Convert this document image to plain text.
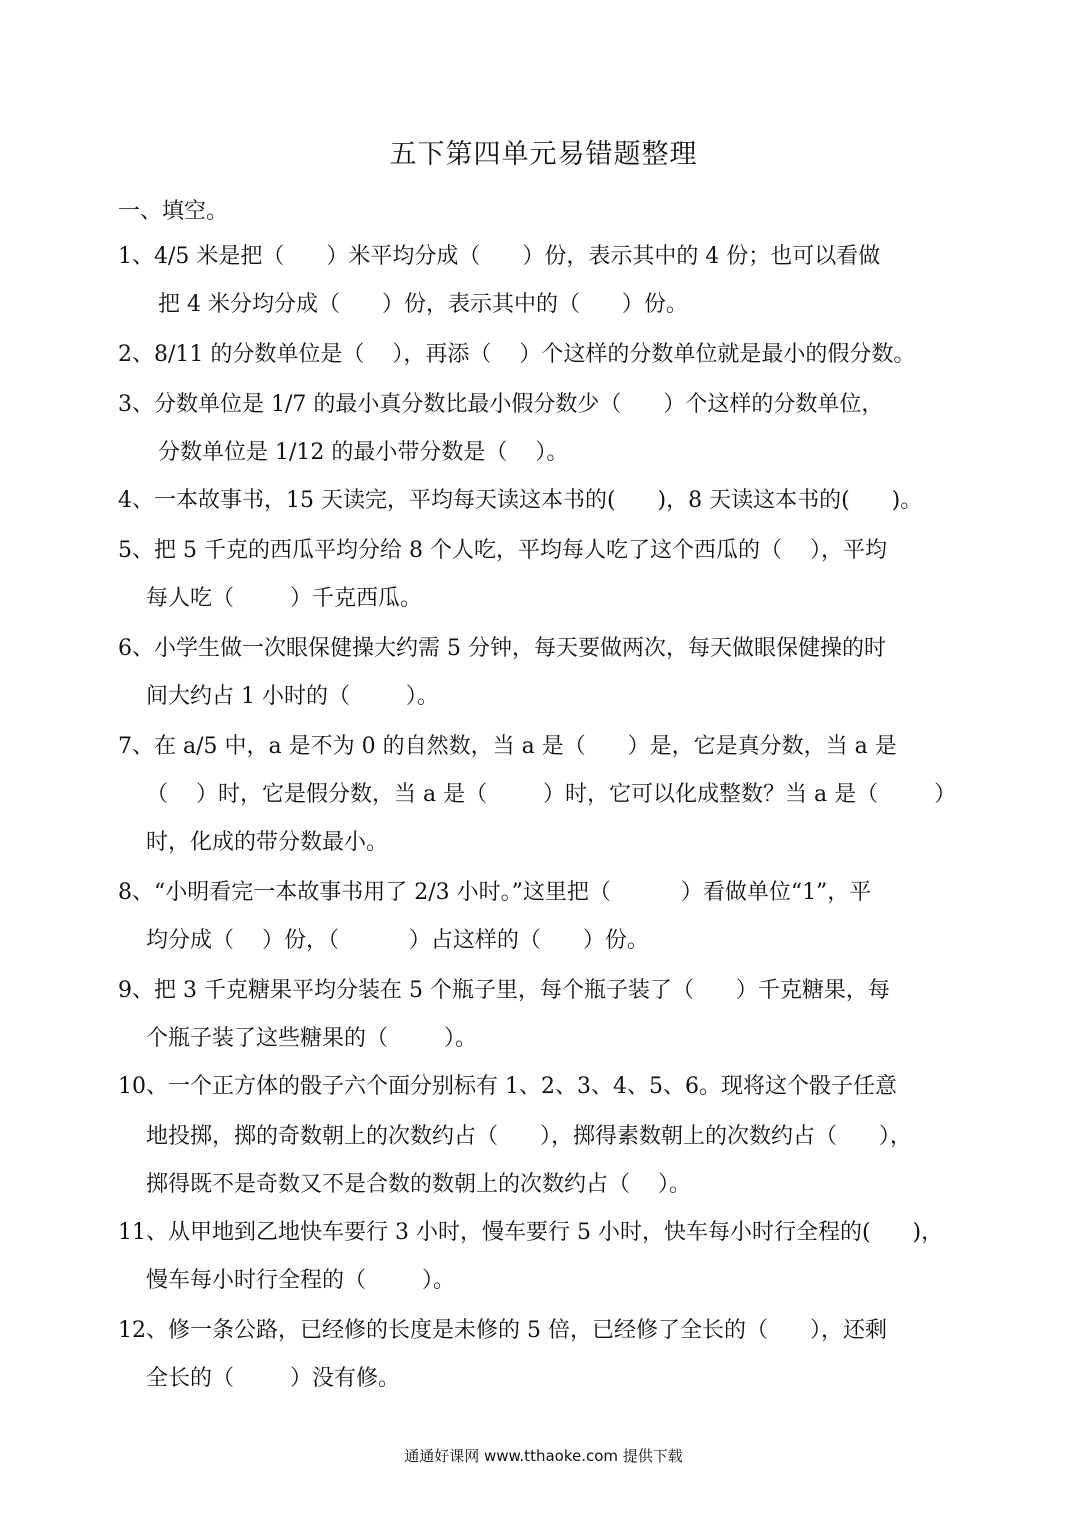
五下第四单元易错题整理
一、填空。
1、4/5 米是把（      ）米平均分成（      ）份，表示其中的 4 份；也可以看做
把 4 米分均分成（      ）份，表示其中的（      ）份。
2、8/11 的分数单位是（    ），再添（    ）个这样的分数单位就是最小的假分数。
3、分数单位是 1/7 的最小真分数比最小假分数少（      ）个这样的分数单位，
分数单位是 1/12 的最小带分数是（    ）。
4、一本故事书，15 天读完，平均每天读这本书的(      )，8 天读这本书的(      )。
5、把 5 千克的西瓜平均分给 8 个人吃，平均每人吃了这个西瓜的（    ），平均
每人吃（        ）千克西瓜。
6、小学生做一次眼保健操大约需 5 分钟，每天要做两次，每天做眼保健操的时
间大约占 1 小时的（        ）。
7、在 a/5 中，a 是不为 0 的自然数，当 a 是（      ）是，它是真分数，当 a 是
（    ）时，它是假分数，当 a 是（        ）时，它可以化成整数？当 a 是（        ）
时，化成的带分数最小。
8、“小明看完一本故事书用了 2/3 小时。”这里把（          ）看做单位“1”，平
均分成（    ）份，（          ）占这样的（      ）份。
9、把 3 千克糖果平均分装在 5 个瓶子里，每个瓶子装了（      ）千克糖果，每
个瓶子装了这些糖果的（        ）。
10、一个正方体的骰子六个面分别标有 1、2、3、4、5、6。现将这个骰子任意
地投掷，掷的奇数朝上的次数约占（      ），掷得素数朝上的次数约占（      ），
掷得既不是奇数又不是合数的数朝上的次数约占（    ）。
11、从甲地到乙地快车要行 3 小时，慢车要行 5 小时，快车每小时行全程的(      )，
慢车每小时行全程的（        ）。
12、修一条公路，已经修的长度是未修的 5 倍，已经修了全长的（      ），还剩
全长的（        ）没有修。
通通好课网 www.tthaoke.com 提供下载
